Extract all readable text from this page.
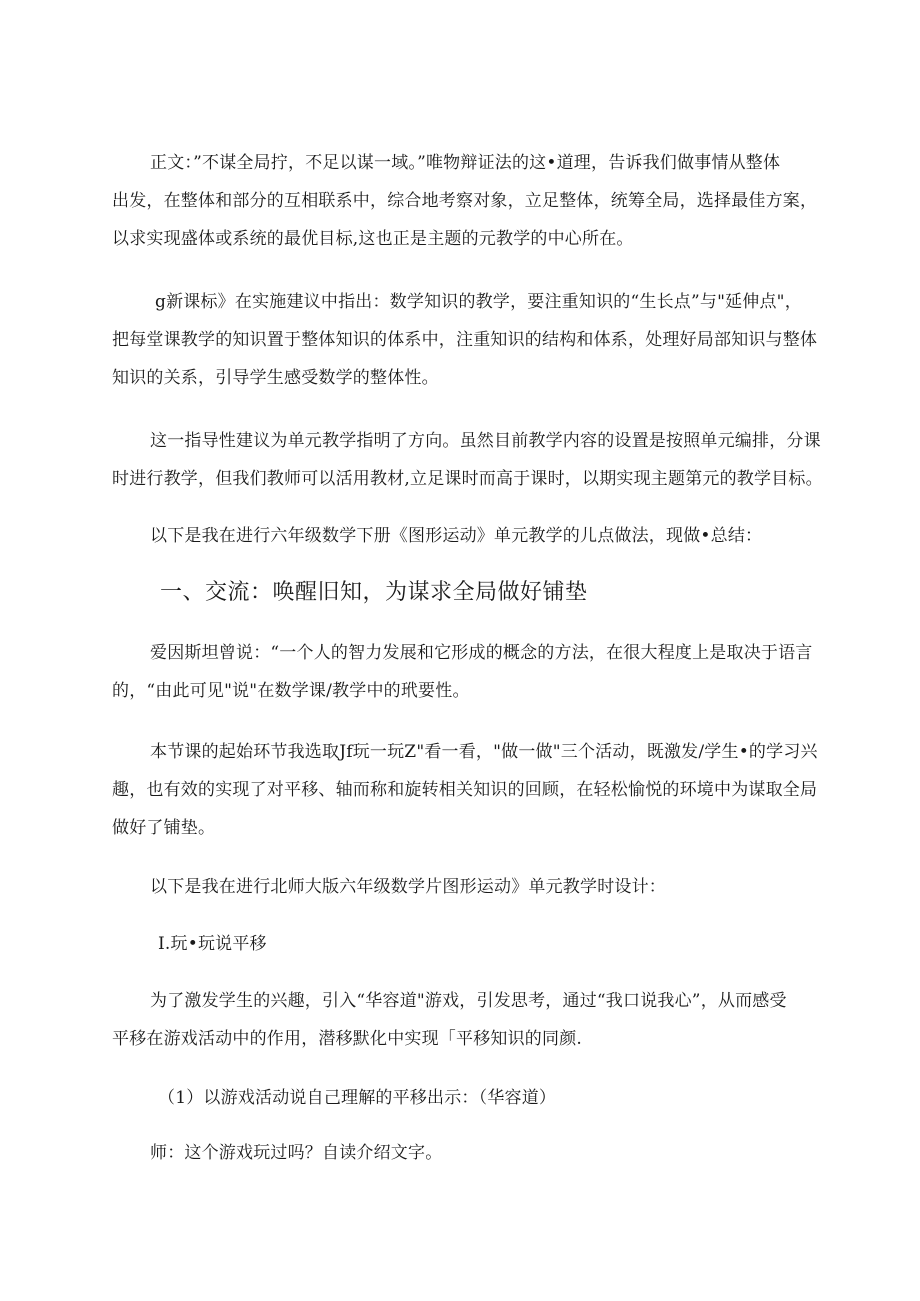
正文：”不谋全局拧，不足以谋一域。”唯物辩证法的这•道理，告诉我们做事情从整体
出发，在整体和部分的互相联系中，综合地考察对象，立足整体，统筹全局，选择最佳方案，
以求实现盛体或系统的最优目标,这也正是主题的元教学的中心所在。
g新课标》在实施建议中指出：数学知识的教学，要注重知识的“生长点”与"延伸点"，
把每堂课教学的知识置于整体知识的体系中，注重知识的结构和体系，处理好局部知识与整体
知识的关系，引导学生感受数学的整体性。
这一指导性建议为单元教学指明了方向。虽然目前教学内容的设置是按照单元编排，分课
时进行教学，但我们教师可以活用教材,立足课时而高于课时，以期实现主题第元的教学目标。
以下是我在进行六年级数学下册《图形运动》单元教学的儿点做法，现做•总结：
一、交流：唤醒旧知，为谋求全局做好铺垫
爱因斯坦曾说：“一个人的智力发展和它形成的概念的方法，在很大程度上是取决于语言
的，“由此可见"说"在数学课/教学中的玳要性。
本节课的起始环节我选取Jf玩一玩Z"看一看，"做一做"三个活动，既激发/学生•的学习兴
趣，也有效的实现了对平移、轴而称和旋转相关知识的回顾，在轻松愉悦的环境中为谋取全局
做好了铺垫。
以下是我在进行北师大版六年级数学片图形运动》单元教学时设计：
I.玩•玩说平移
为了激发学生的兴趣，引入“华容道"游戏，引发思考，通过“我口说我心”，从而感受
平移在游戏活动中的作用，潜移默化中实现「平移知识的同颜.
（1）以游戏活动说自己理解的平移出示：（华容道）
师：这个游戏玩过吗？自读介绍文字。
